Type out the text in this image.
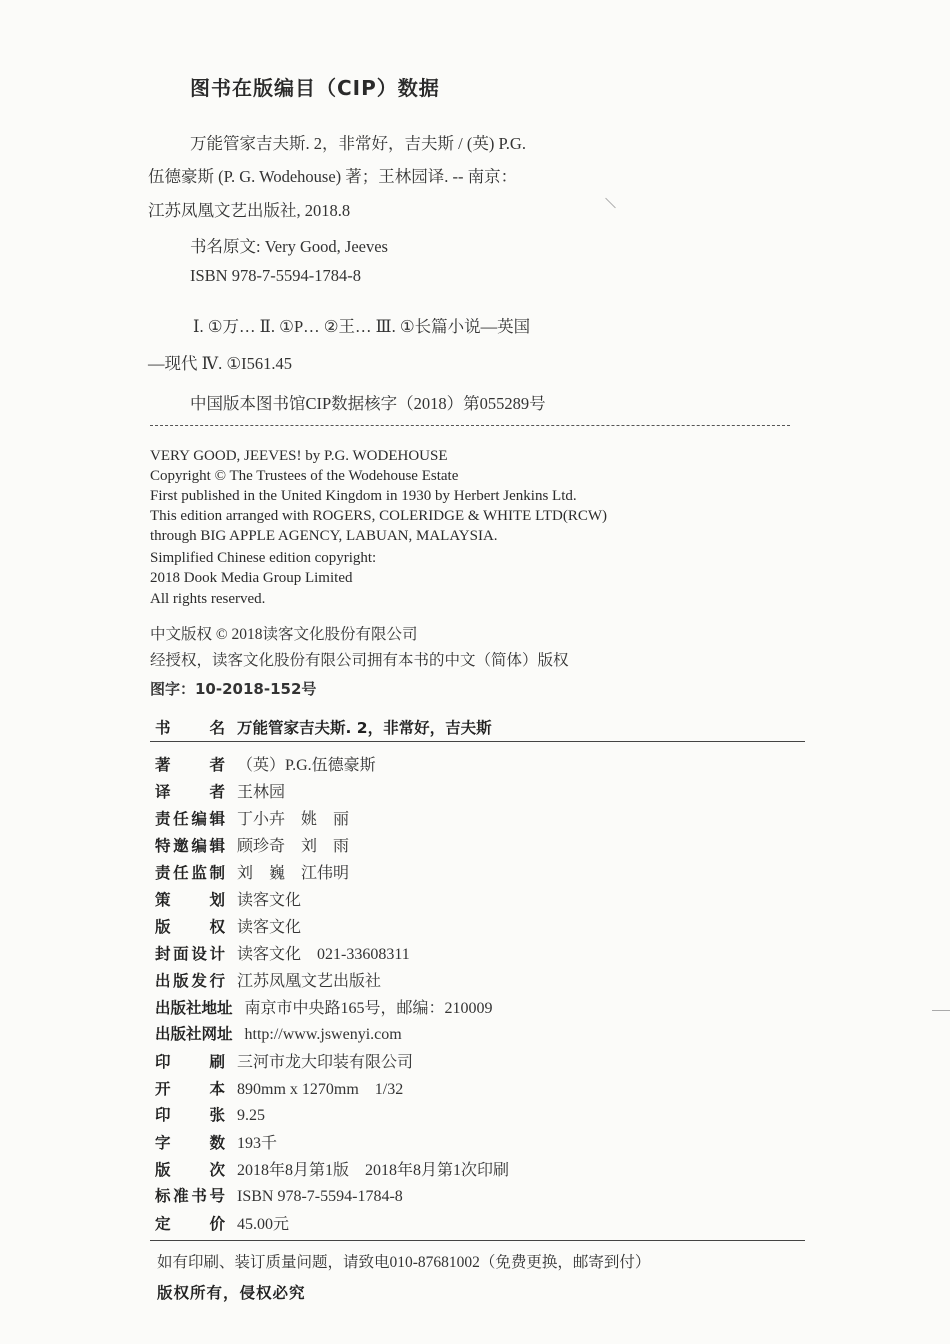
图书在版编目（CIP）数据
万能管家吉夫斯. 2，非常好，吉夫斯 / (英) P.G.
伍德豪斯 (P. G. Wodehouse) 著；王林园译. -- 南京：
江苏凤凰文艺出版社, 2018.8
书名原文: Very Good, Jeeves
ISBN 978-7-5594-1784-8
Ⅰ. ①万… Ⅱ. ①P… ②王… Ⅲ. ①长篇小说—英国
—现代 Ⅳ. ①I561.45
中国版本图书馆CIP数据核字（2018）第055289号
VERY GOOD, JEEVES! by P.G. WODEHOUSE
Copyright © The Trustees of the Wodehouse Estate
First published in the United Kingdom in 1930 by Herbert Jenkins Ltd.
This edition arranged with ROGERS, COLERIDGE & WHITE LTD(RCW)
through BIG APPLE AGENCY, LABUAN, MALAYSIA.
Simplified Chinese edition copyright:
2018 Dook Media Group Limited
All rights reserved.
中文版权 © 2018读客文化股份有限公司
经授权，读客文化股份有限公司拥有本书的中文（简体）版权
图字：10-2018-152号
书　名 万能管家吉夫斯. 2，非常好，吉夫斯
著　者 （英）P.G.伍德豪斯
译　者 王林园
责任编辑 丁小卉　姚　丽
特邀编辑 顾珍奇　刘　雨
责任监制 刘　巍　江伟明
策　划 读客文化
版　权 读客文化
封面设计 读客文化　021-33608311
出版发行 江苏凤凰文艺出版社
出版社地址 南京市中央路165号，邮编：210009
出版社网址 http://www.jswenyi.com
印　刷 三河市龙大印装有限公司
开　本 890mm x 1270mm　1/32
印　张 9.25
字　数 193千
版　次 2018年8月第1版　2018年8月第1次印刷
标准书号 ISBN 978-7-5594-1784-8
定　价 45.00元
如有印刷、装订质量问题，请致电010-87681002（免费更换，邮寄到付）
版权所有，侵权必究
